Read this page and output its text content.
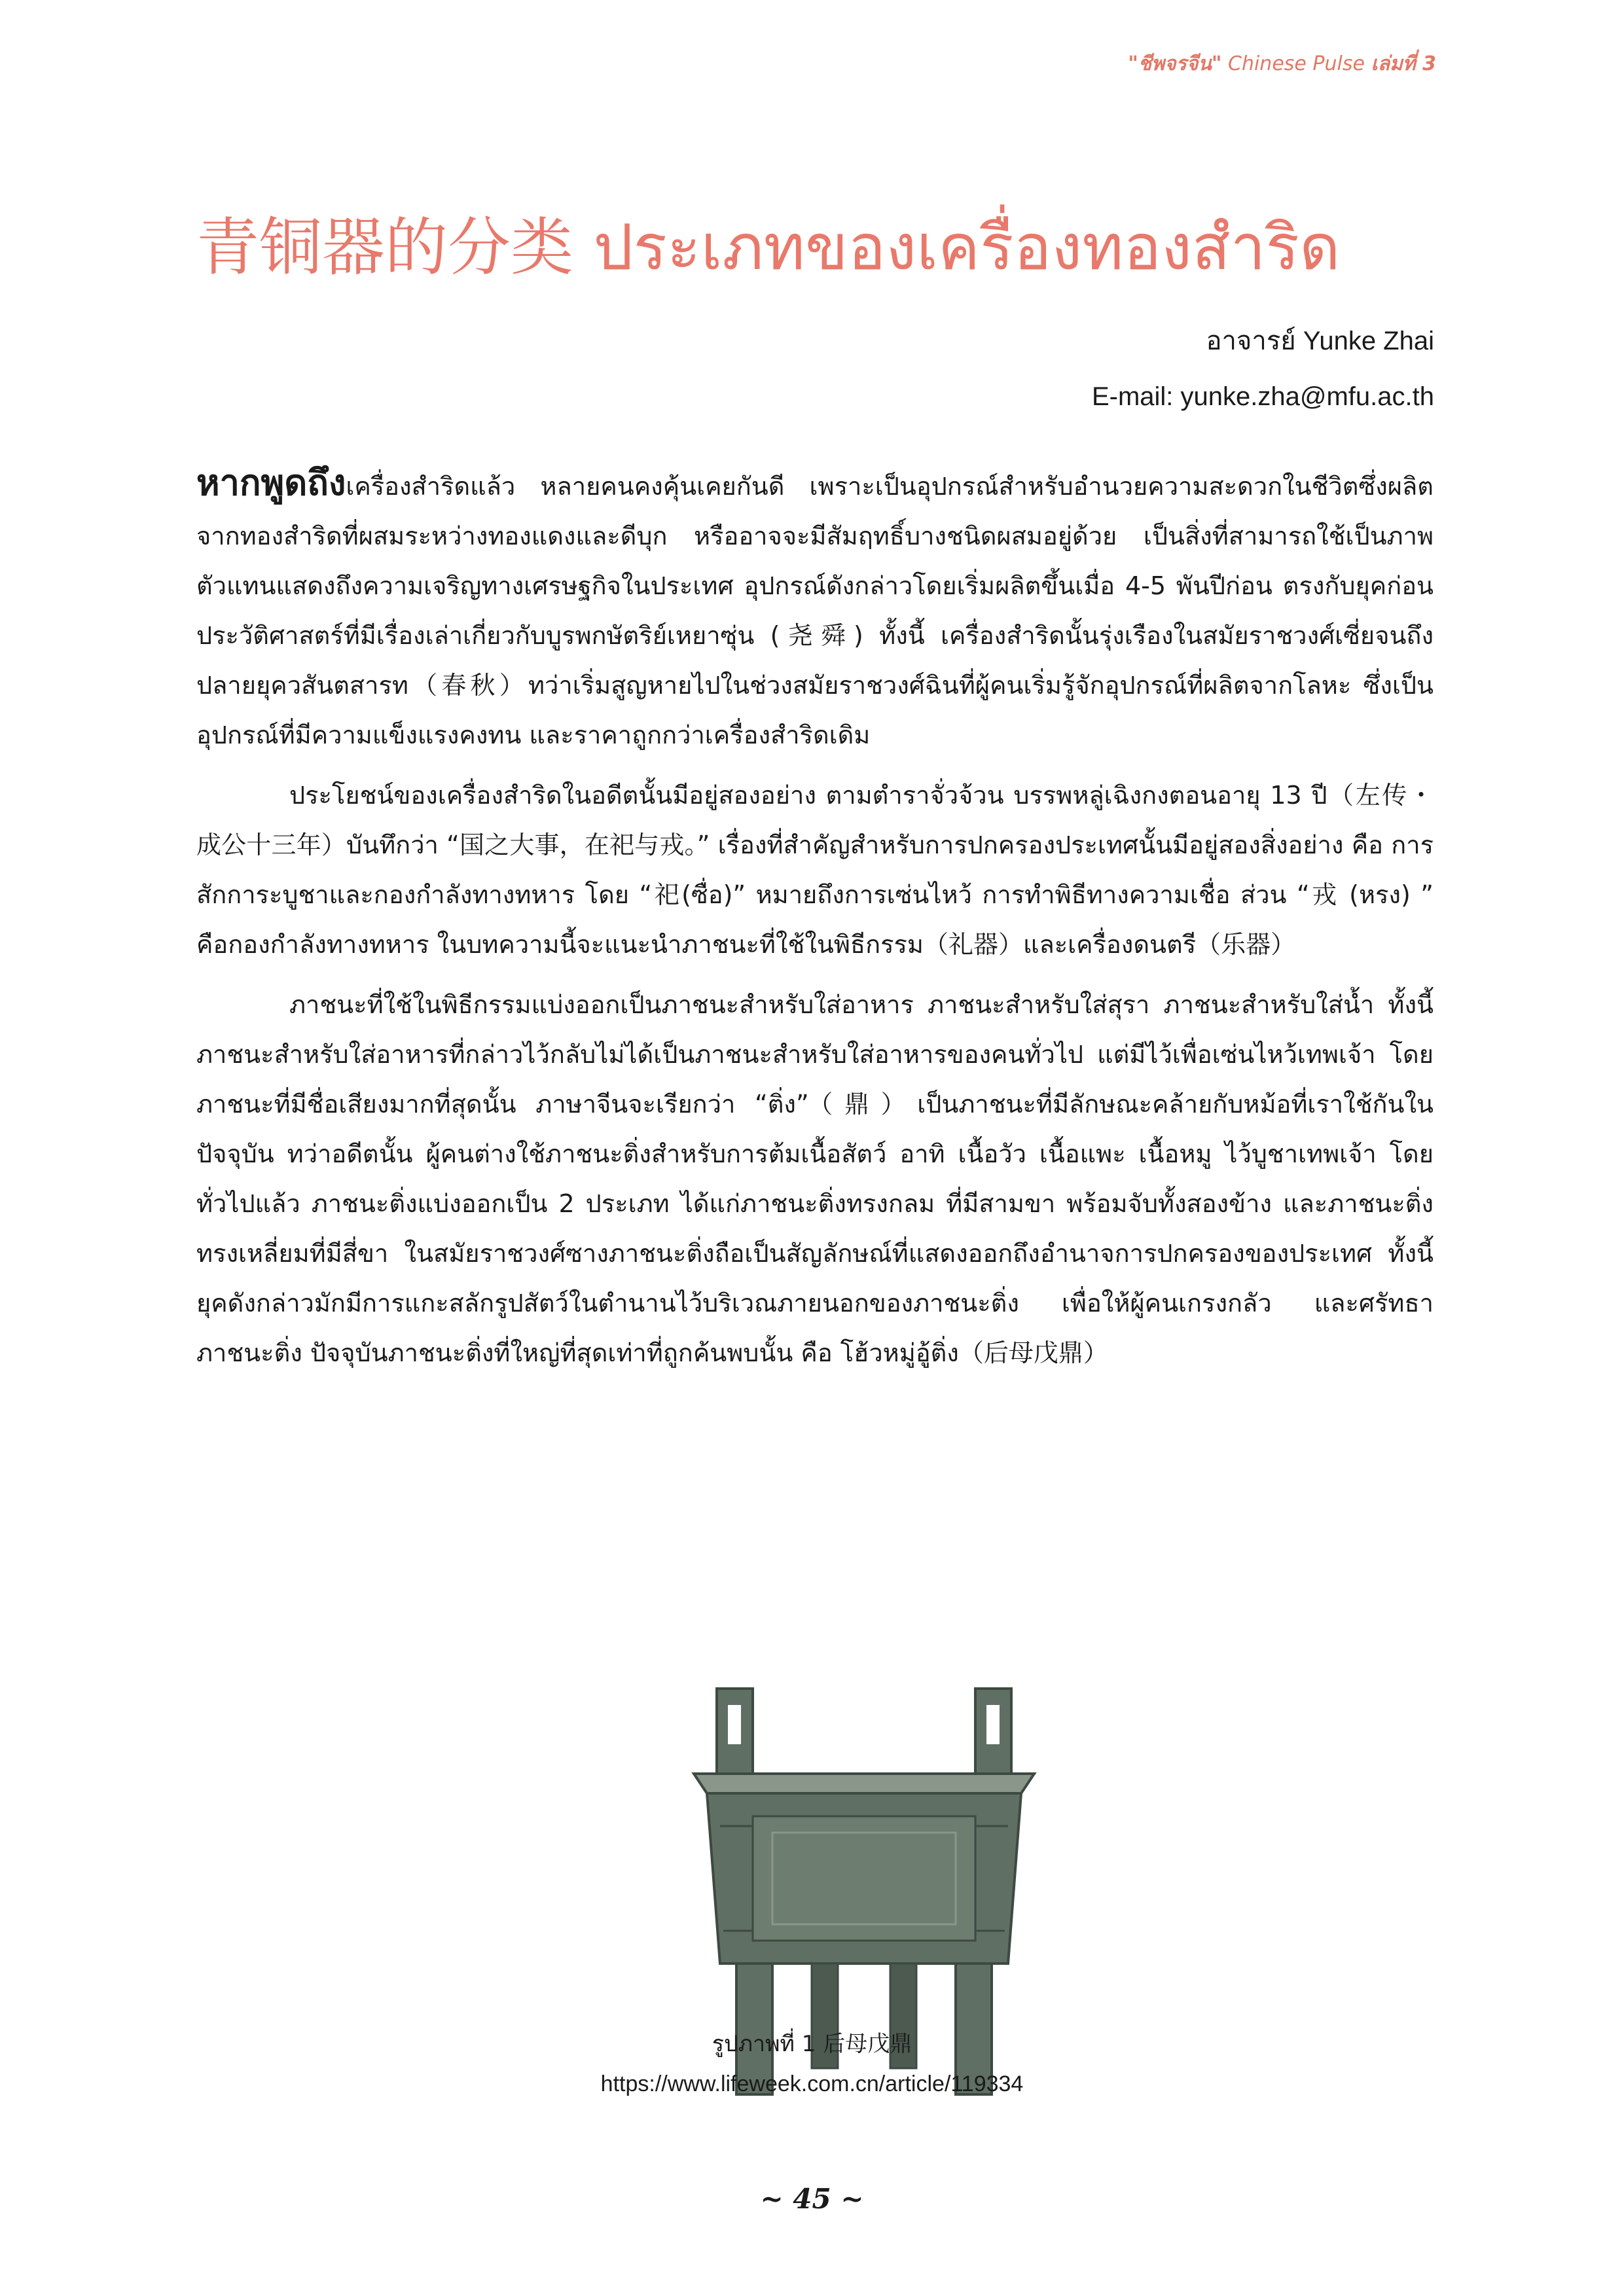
"ชีพจรจีน" Chinese Pulse เล่มที่ 3
青铜器的分类 ประเภทของเครื่องทองสำริด
อาจารย์ Yunke Zhai
E-mail: yunke.zha@mfu.ac.th

หากพูดถึงเครื่องสำริดแล้ว หลายคนคงคุ้นเคยกันดี เพราะเป็นอุปกรณ์สำหรับอำนวยความสะดวกในชีวิตซึ่งผลิตจากทองสำริดที่ผสมระหว่างทองแดงและดีบุก หรืออาจจะมีสัมฤทธิ์บางชนิดผสมอยู่ด้วย เป็นสิ่งที่สามารถใช้เป็นภาพตัวแทนแสดงถึงความเจริญทางเศรษฐกิจในประเทศ อุปกรณ์ดังกล่าวโดยเริ่มผลิตขึ้นเมื่อ 4-5 พันปีก่อน ตรงกับยุคก่อนประวัติศาสตร์ที่มีเรื่องเล่าเกี่ยวกับบูรพกษัตริย์เหยาซุ่น (尧舜) ทั้งนี้ เครื่องสำริดนั้นรุ่งเรืองในสมัยราชวงศ์เซี่ยจนถึงปลายยุควสันตสารท（春秋）ทว่าเริ่มสูญหายไปในช่วงสมัยราชวงศ์ฉินที่ผู้คนเริ่มรู้จักอุปกรณ์ที่ผลิตจากโลหะ ซึ่งเป็นอุปกรณ์ที่มีความแข็งแรงคงทน และราคาถูกกว่าเครื่องสำริดเดิม

ประโยชน์ของเครื่องสำริดในอดีตนั้นมีอยู่สองอย่าง ตามตำราจั่วจ้วน บรรพหลู่เฉิงกงตอนอายุ 13 ปี（左传・成公十三年）บันทึกว่า “国之大事，在祀与戎。” เรื่องที่สำคัญสำหรับการปกครองประเทศนั้นมีอยู่สองสิ่งอย่าง คือ การสักการะบูชาและกองกำลังทางทหาร โดย “祀(ซื่อ)” หมายถึงการเซ่นไหว้ การทำพิธีทางความเชื่อ ส่วน “戎 (หรง) ” คือกองกำลังทางทหาร ในบทความนี้จะแนะนำภาชนะที่ใช้ในพิธีกรรม（礼器）และเครื่องดนตรี（乐器）

ภาชนะที่ใช้ในพิธีกรรมแบ่งออกเป็นภาชนะสำหรับใส่อาหาร ภาชนะสำหรับใส่สุรา ภาชนะสำหรับใส่น้ำ ทั้งนี้ ภาชนะสำหรับใส่อาหารที่กล่าวไว้กลับไม่ได้เป็นภาชนะสำหรับใส่อาหารของคนทั่วไป แต่มีไว้เพื่อเซ่นไหว้เทพเจ้า โดยภาชนะที่มีชื่อเสียงมากที่สุดนั้น ภาษาจีนจะเรียกว่า “ติ่ง”（鼎）เป็นภาชนะที่มีลักษณะคล้ายกับหม้อที่เราใช้กันในปัจจุบัน ทว่าอดีตนั้น ผู้คนต่างใช้ภาชนะติ่งสำหรับการต้มเนื้อสัตว์ อาทิ เนื้อวัว เนื้อแพะ เนื้อหมู ไว้บูชาเทพเจ้า โดยทั่วไปแล้ว ภาชนะติ่งแบ่งออกเป็น 2 ประเภท ได้แก่ภาชนะติ่งทรงกลม ที่มีสามขา พร้อมจับทั้งสองข้าง และภาชนะติ่งทรงเหลี่ยมที่มีสี่ขา ในสมัยราชวงศ์ซางภาชนะติ่งถือเป็นสัญลักษณ์ที่แสดงออกถึงอำนาจการปกครองของประเทศ ทั้งนี้ยุคดังกล่าวมักมีการแกะสลักรูปสัตว์ในตำนานไว้บริเวณภายนอกของภาชนะติ่ง เพื่อให้ผู้คนเกรงกลัว และศรัทธาภาชนะติ่ง ปัจจุบันภาชนะติ่งที่ใหญ่ที่สุดเท่าที่ถูกค้นพบนั้น คือ โฮ้วหมู่อู้ติ่ง（后母戊鼎）

รูปภาพที่ 1 后母戊鼎
https://www.lifeweek.com.cn/article/119334
~ 45 ~
